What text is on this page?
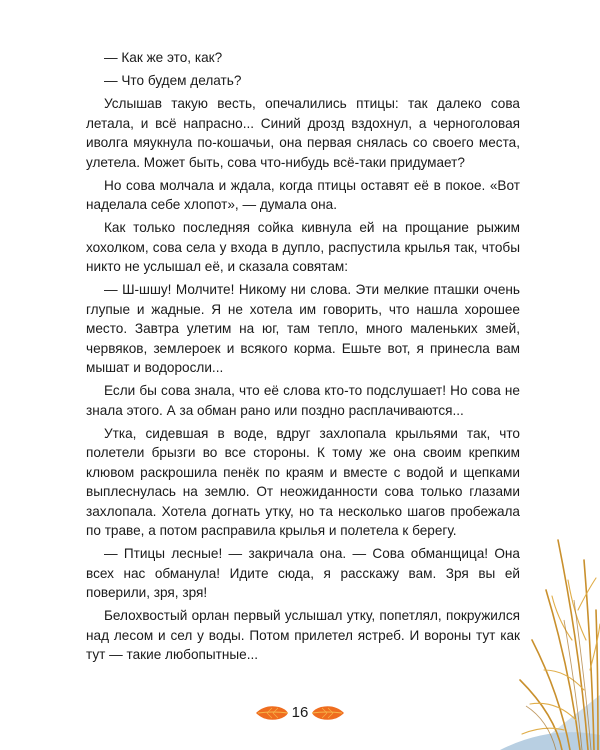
— Как же это, как?

— Что будем делать?

Услышав такую весть, опечалились птицы: так далеко сова летала, и всё напрасно... Синий дрозд вздохнул, а черноголовая иволга мяукнула по-кошачьи, она первая снялась со своего места, улетела. Может быть, сова что-нибудь всё-таки придумает?

Но сова молчала и ждала, когда птицы оставят её в покое. «Вот наделала себе хлопот», — думала она.

Как только последняя сойка кивнула ей на прощание рыжим хохолком, сова села у входа в дупло, распустила крылья так, чтобы никто не услышал её, и сказала совятам:

— Ш-шшу! Молчите! Никому ни слова. Эти мелкие пташки очень глупые и жадные. Я не хотела им говорить, что нашла хорошее место. Завтра улетим на юг, там тепло, много маленьких змей, червяков, землероек и всякого корма. Ешьте вот, я принесла вам мышат и водоросли...

Если бы сова знала, что её слова кто-то подслушает! Но сова не знала этого. А за обман рано или поздно расплачиваются...

Утка, сидевшая в воде, вдруг захлопала крыльями так, что полетели брызги во все стороны. К тому же она своим крепким клювом раскрошила пенёк по краям и вместе с водой и щепками выплеснулась на землю. От неожиданности сова только глазами захлопала. Хотела догнать утку, но та несколько шагов пробежала по траве, а потом расправила крылья и полетела к берегу.

— Птицы лесные! — закричала она. — Сова обманщица! Она всех нас обманула! Идите сюда, я расскажу вам. Зря вы ей поверили, зря, зря!

Белохвостый орлан первый услышал утку, попетлял, покружился над лесом и сел у воды. Потом прилетел ястреб. И вороны тут как тут — такие любопытные...

16
